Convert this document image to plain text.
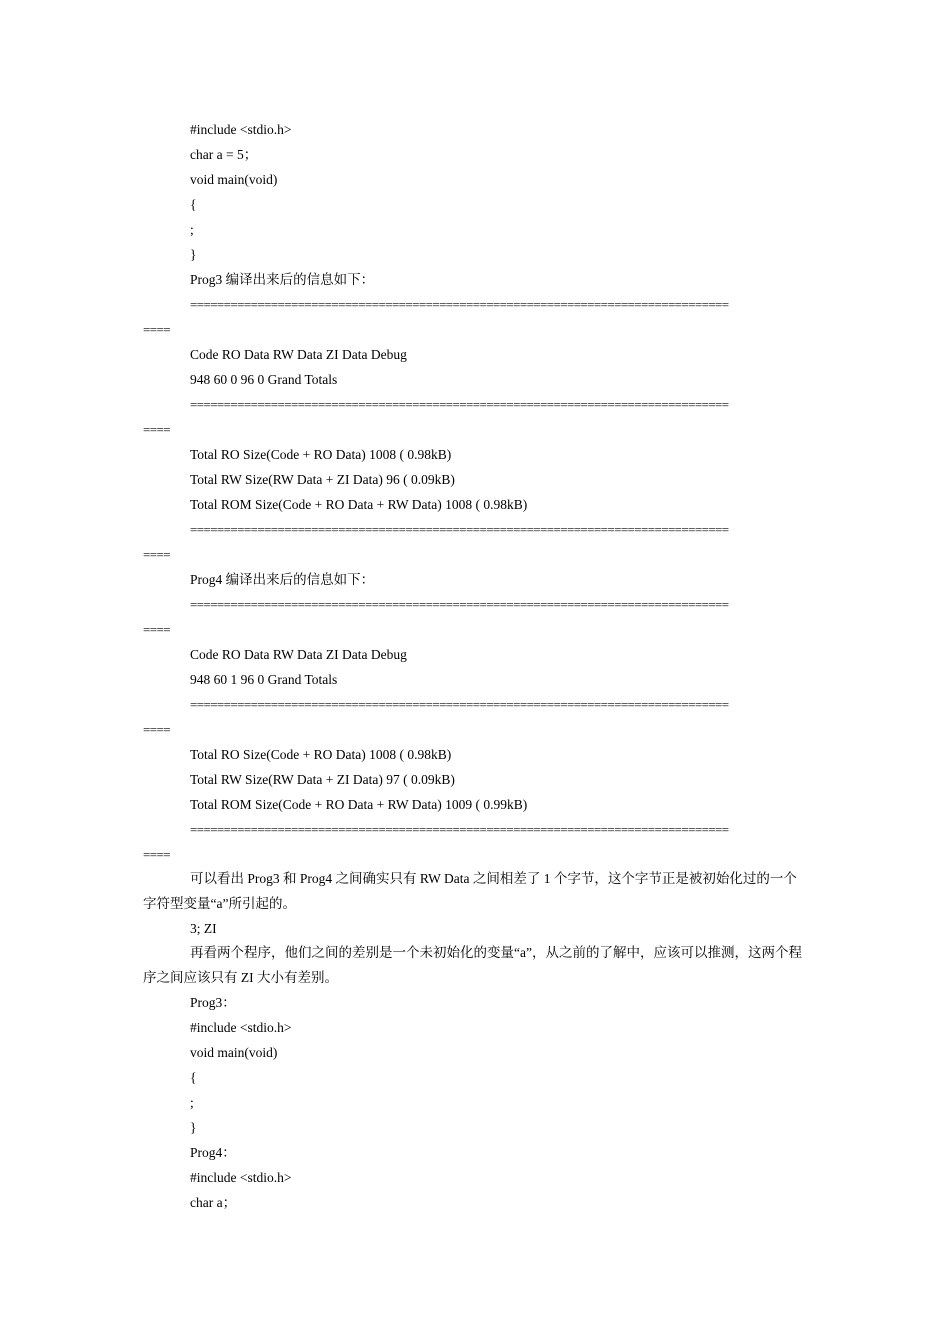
#include <stdio.h>
char a = 5；
void main(void)
{
;
}
Prog3 编译出来后的信息如下：
================================================================================
====
Code RO Data RW Data ZI Data Debug
948 60 0 96 0 Grand Totals
================================================================================
====
Total RO Size(Code + RO Data) 1008 ( 0.98kB)
Total RW Size(RW Data + ZI Data) 96 ( 0.09kB)
Total ROM Size(Code + RO Data + RW Data) 1008 ( 0.98kB)
================================================================================
====
Prog4 编译出来后的信息如下：
================================================================================
====
Code RO Data RW Data ZI Data Debug
948 60 1 96 0 Grand Totals
================================================================================
====
Total RO Size(Code + RO Data) 1008 ( 0.98kB)
Total RW Size(RW Data + ZI Data) 97 ( 0.09kB)
Total ROM Size(Code + RO Data + RW Data) 1009 ( 0.99kB)
================================================================================
====
可以看出 Prog3 和 Prog4 之间确实只有 RW Data 之间相差了 1 个字节，这个字节正是被初始化过的一个字符型变量“a”所引起的。
3; ZI
再看两个程序，他们之间的差别是一个未初始化的变量“a”，从之前的了解中，应该可以推测，这两个程序之间应该只有 ZI 大小有差别。
Prog3：
#include <stdio.h>
void main(void)
{
;
}
Prog4：
#include <stdio.h>
char a；
